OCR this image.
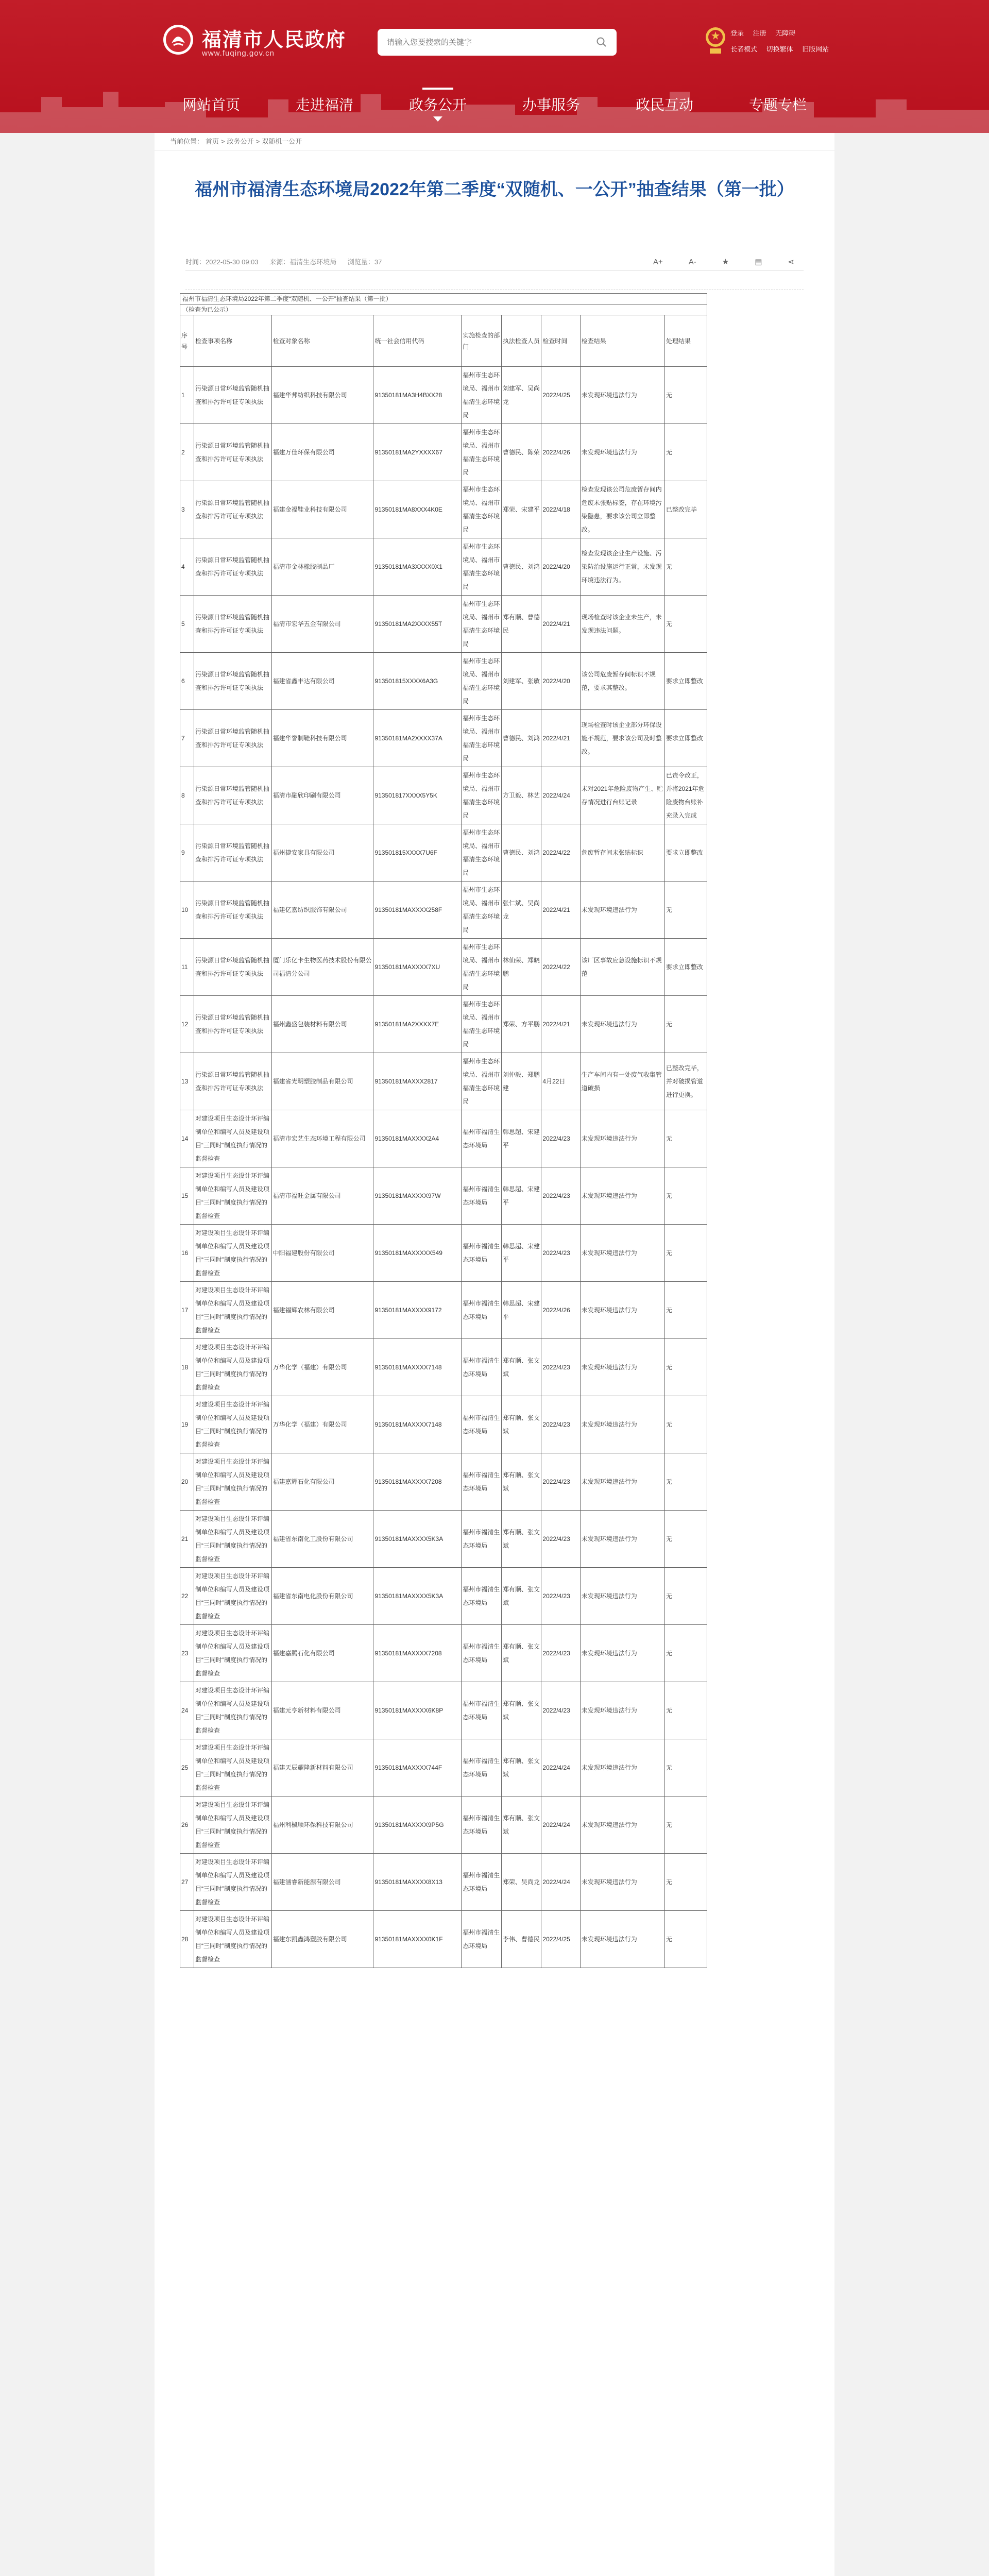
福清市人民政府
www.fuqing.gov.cn
请输入您要搜索的关键字
登录 注册 无障碍
长者模式 切换繁体 旧版网站
网站首页	走进福清	政务公开	办事服务	政民互动	专题专栏
当前位置： 首页 > 政务公开 > 双随机一公开
福州市福清生态环境局2022年第二季度“双随机、一公开”抽查结果（第一批）
时间：2022-05-30 09:03 来源：福清生态环境局 浏览量：37	A+	A-	★	▤	⋖
福州市福清生态环境局2022年第二季度“双随机、一公开”抽查结果（第一批）								
（检查为已公示）								
序号	检查事项名称	检查对象名称	统一社会信用代码	实施检查的部门	执法检查人员	检查时间	检查结果	处理结果
1	污染源日常环境监管随机抽查和排污许可证专项执法	福建华邦纺织科技有限公司	91350181MA3H4BXX28	福州市生态环境局、福州市福清生态环境局	刘建军、吴尚龙	2022/4/25	未发现环境违法行为	无
2	污染源日常环境监管随机抽查和排污许可证专项执法	福建万佳环保有限公司	91350181MA2YXXXX67	福州市生态环境局、福州市福清生态环境局	曹德民、陈荣	2022/4/26	未发现环境违法行为	无
3	污染源日常环境监管随机抽查和排污许可证专项执法	福建金福鞋业科技有限公司	91350181MA8XXX4K0E	福州市生态环境局、福州市福清生态环境局	郑荣、宋建平	2022/4/18	检查发现该公司危废暂存间内危废未张贴标签，存在环境污染隐患，要求该公司立即整改。	已整改完毕
4	污染源日常环境监管随机抽查和排污许可证专项执法	福清市金林橡胶制品厂	91350181MA3XXXX0X1	福州市生态环境局、福州市福清生态环境局	曹德民、刘鸿	2022/4/20	检查发现该企业生产设施、污染防治设施运行正常，未发现环境违法行为。	无
5	污染源日常环境监管随机抽查和排污许可证专项执法	福清市宏华五金有限公司	91350181MA2XXXX55T	福州市生态环境局、福州市福清生态环境局	郑有顺、曹德民	2022/4/21	现场检查时该企业未生产，未发现违法问题。	无
6	污染源日常环境监管随机抽查和排污许可证专项执法	福建省鑫丰达有限公司	913501815XXXX6A3G	福州市生态环境局、福州市福清生态环境局	刘建军、张敏	2022/4/20	该公司危废暂存间标识不规范，要求其整改。	要求立即整改
7	污染源日常环境监管随机抽查和排污许可证专项执法	福建华誉制鞋科技有限公司	91350181MA2XXXX37A	福州市生态环境局、福州市福清生态环境局	曹德民、刘鸿	2022/4/21	现场检查时该企业部分环保设施不规范，要求该公司及时整改。	要求立即整改
8	污染源日常环境监管随机抽查和排污许可证专项执法	福清市融欣印刷有限公司	913501817XXXX5Y5K	福州市生态环境局、福州市福清生态环境局	方卫毅、林艺	2022/4/24	未对2021年危险废物产生、贮存情况进行台账记录	已责令改正，并将2021年危险废物台账补充录入完成
9	污染源日常环境监管随机抽查和排污许可证专项执法	福州捷安家具有限公司	913501815XXXX7U6F	福州市生态环境局、福州市福清生态环境局	曹德民、刘鸿	2022/4/22	危废暂存间未张贴标识	要求立即整改
10	污染源日常环境监管随机抽查和排污许可证专项执法	福建亿嘉纺织服饰有限公司	91350181MAXXXX258F	福州市生态环境局、福州市福清生态环境局	张仁斌、吴尚龙	2022/4/21	未发现环境违法行为	无
11	污染源日常环境监管随机抽查和排污许可证专项执法	厦门乐亿卡生物医药技术股份有限公司福清分公司	91350181MAXXXX7XU	福州市生态环境局、福州市福清生态环境局	林仙荣、郑晓鹏	2022/4/22	该厂区事故应急设施标识不规范	要求立即整改
12	污染源日常环境监管随机抽查和排污许可证专项执法	福州鑫盛包装材料有限公司	91350181MA2XXXX7E	福州市生态环境局、福州市福清生态环境局	郑荣、方平鹏	2022/4/21	未发现环境违法行为	无
13	污染源日常环境监管随机抽查和排污许可证专项执法	福建省光明塑胶制品有限公司	91350181MAXXX2817	福州市生态环境局、福州市福清生态环境局	刘仲毅、郑鹏建	4月22日	生产车间内有一处废气收集管道破损	已整改完毕，并对破损管道进行更换。
14	对建设项目生态设计环评编制单位和编写人员及建设项目“三同时”制度执行情况的监督检查	福清市宏艺生态环境工程有限公司	91350181MAXXXX2A4	福州市福清生态环境局	韩思超、宋建平	2022/4/23	未发现环境违法行为	无
15	对建设项目生态设计环评编制单位和编写人员及建设项目“三同时”制度执行情况的监督检查	福清市福旺金属有限公司	91350181MAXXXX97W	福州市福清生态环境局	韩思超、宋建平	2022/4/23	未发现环境违法行为	无
16	对建设项目生态设计环评编制单位和编写人员及建设项目“三同时”制度执行情况的监督检查	中阳福建股份有限公司	91350181MAXXXXX549	福州市福清生态环境局	韩思超、宋建平	2022/4/23	未发现环境违法行为	无
17	对建设项目生态设计环评编制单位和编写人员及建设项目“三同时”制度执行情况的监督检查	福建福辉农林有限公司	91350181MAXXXX9172	福州市福清生态环境局	韩思超、宋建平	2022/4/26	未发现环境违法行为	无
18	对建设项目生态设计环评编制单位和编写人员及建设项目“三同时”制度执行情况的监督检查	万华化学（福建）有限公司	91350181MAXXXX7148	福州市福清生态环境局	郑有顺、张文斌	2022/4/23	未发现环境违法行为	无
19	对建设项目生态设计环评编制单位和编写人员及建设项目“三同时”制度执行情况的监督检查	万华化学（福建）有限公司	91350181MAXXXX7148	福州市福清生态环境局	郑有顺、张文斌	2022/4/23	未发现环境违法行为	无
20	对建设项目生态设计环评编制单位和编写人员及建设项目“三同时”制度执行情况的监督检查	福建嘉辉石化有限公司	91350181MAXXXX7208	福州市福清生态环境局	郑有顺、张文斌	2022/4/23	未发现环境违法行为	无
21	对建设项目生态设计环评编制单位和编写人员及建设项目“三同时”制度执行情况的监督检查	福建省东南化工股份有限公司	91350181MAXXXX5K3A	福州市福清生态环境局	郑有顺、张文斌	2022/4/23	未发现环境违法行为	无
22	对建设项目生态设计环评编制单位和编写人员及建设项目“三同时”制度执行情况的监督检查	福建省东南电化股份有限公司	91350181MAXXXX5K3A	福州市福清生态环境局	郑有顺、张文斌	2022/4/23	未发现环境违法行为	无
23	对建设项目生态设计环评编制单位和编写人员及建设项目“三同时”制度执行情况的监督检查	福建嘉腾石化有限公司	91350181MAXXXX7208	福州市福清生态环境局	郑有顺、张文斌	2022/4/23	未发现环境违法行为	无
24	对建设项目生态设计环评编制单位和编写人员及建设项目“三同时”制度执行情况的监督检查	福建元亨新材料有限公司	91350181MAXXXX6K8P	福州市福清生态环境局	郑有顺、张文斌	2022/4/23	未发现环境违法行为	无
25	对建设项目生态设计环评编制单位和编写人员及建设项目“三同时”制度执行情况的监督检查	福建天辰耀隆新材料有限公司	91350181MAXXXX744F	福州市福清生态环境局	郑有顺、张文斌	2022/4/24	未发现环境违法行为	无
26	对建设项目生态设计环评编制单位和编写人员及建设项目“三同时”制度执行情况的监督检查	福州利楓顺环保科技有限公司	91350181MAXXXX9P5G	福州市福清生态环境局	郑有顺、张文斌	2022/4/24	未发现环境违法行为	无
27	对建设项目生态设计环评编制单位和编写人员及建设项目“三同时”制度执行情况的监督检查	福建涵睿新能源有限公司	91350181MAXXXX8X13	福州市福清生态环境局	郑荣、吴尚龙	2022/4/24	未发现环境违法行为	无
28	对建设项目生态设计环评编制单位和编写人员及建设项目“三同时”制度执行情况的监督检查	福建东凯鑫鸿塑胶有限公司	91350181MAXXXX0K1F	福州市福清生态环境局	李伟、曹德民	2022/4/25	未发现环境违法行为	无
